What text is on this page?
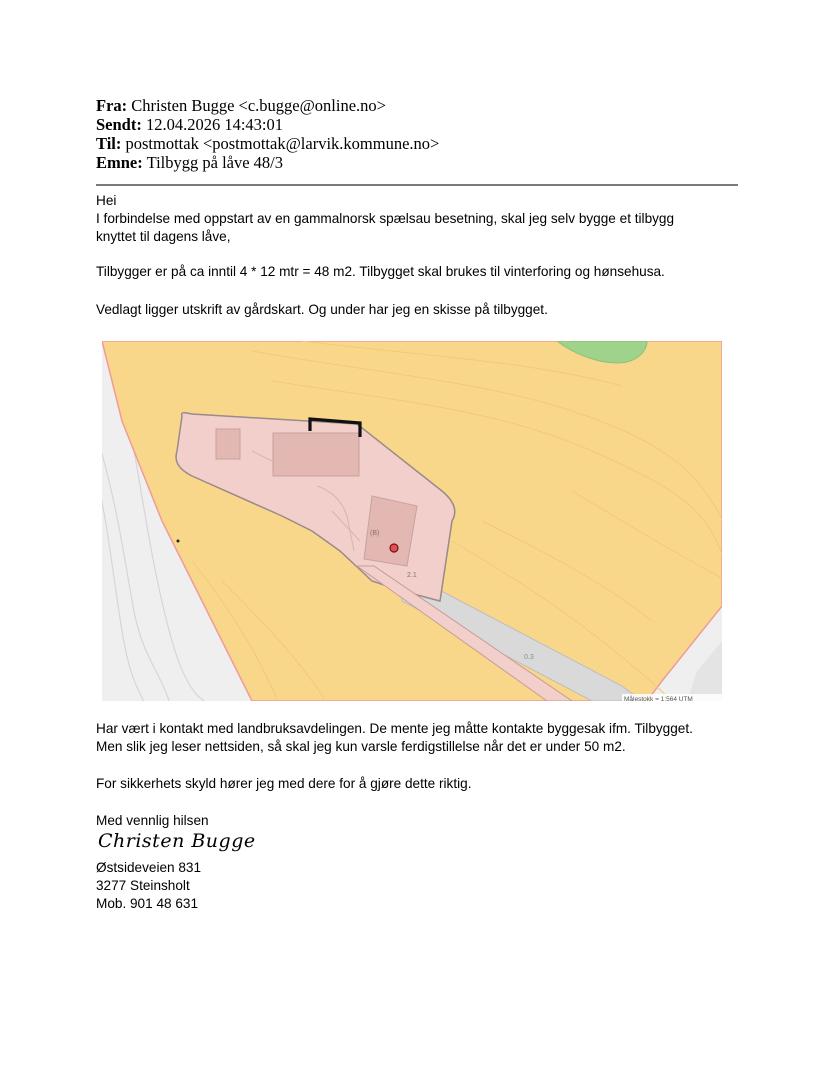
Fra: Christen Bugge <c.bugge@online.no>
Sendt: 12.04.2026 14:43:01
Til: postmottak <postmottak@larvik.kommune.no>
Emne: Tilbygg på låve 48/3

Hei

I forbindelse med oppstart av en gammalnorsk spælsau besetning, skal jeg selv bygge et tilbygg

knyttet til dagens låve,

Tilbygger er på ca inntil 4 * 12 mtr = 48 m2. Tilbygget skal brukes til vinterforing og hønsehusa.
Vedlagt ligger utskrift av gårdskart. Og under har jeg en skisse på tilbygget.
(B)
2.1
0.3
Målestokk = 1:564 UTM

Har vært i kontakt med landbruksavdelingen. De mente jeg måtte kontakte byggesak ifm. Tilbygget.

Men slik jeg leser nettsiden, så skal jeg kun varsle ferdigstillelse når det er under 50 m2.

For sikkerhets skyld hører jeg med dere for å gjøre dette riktig.
Med vennlig hilsen
Christen Bugge

Østsideveien 831

3277 Steinsholt

Mob. 901 48 631
